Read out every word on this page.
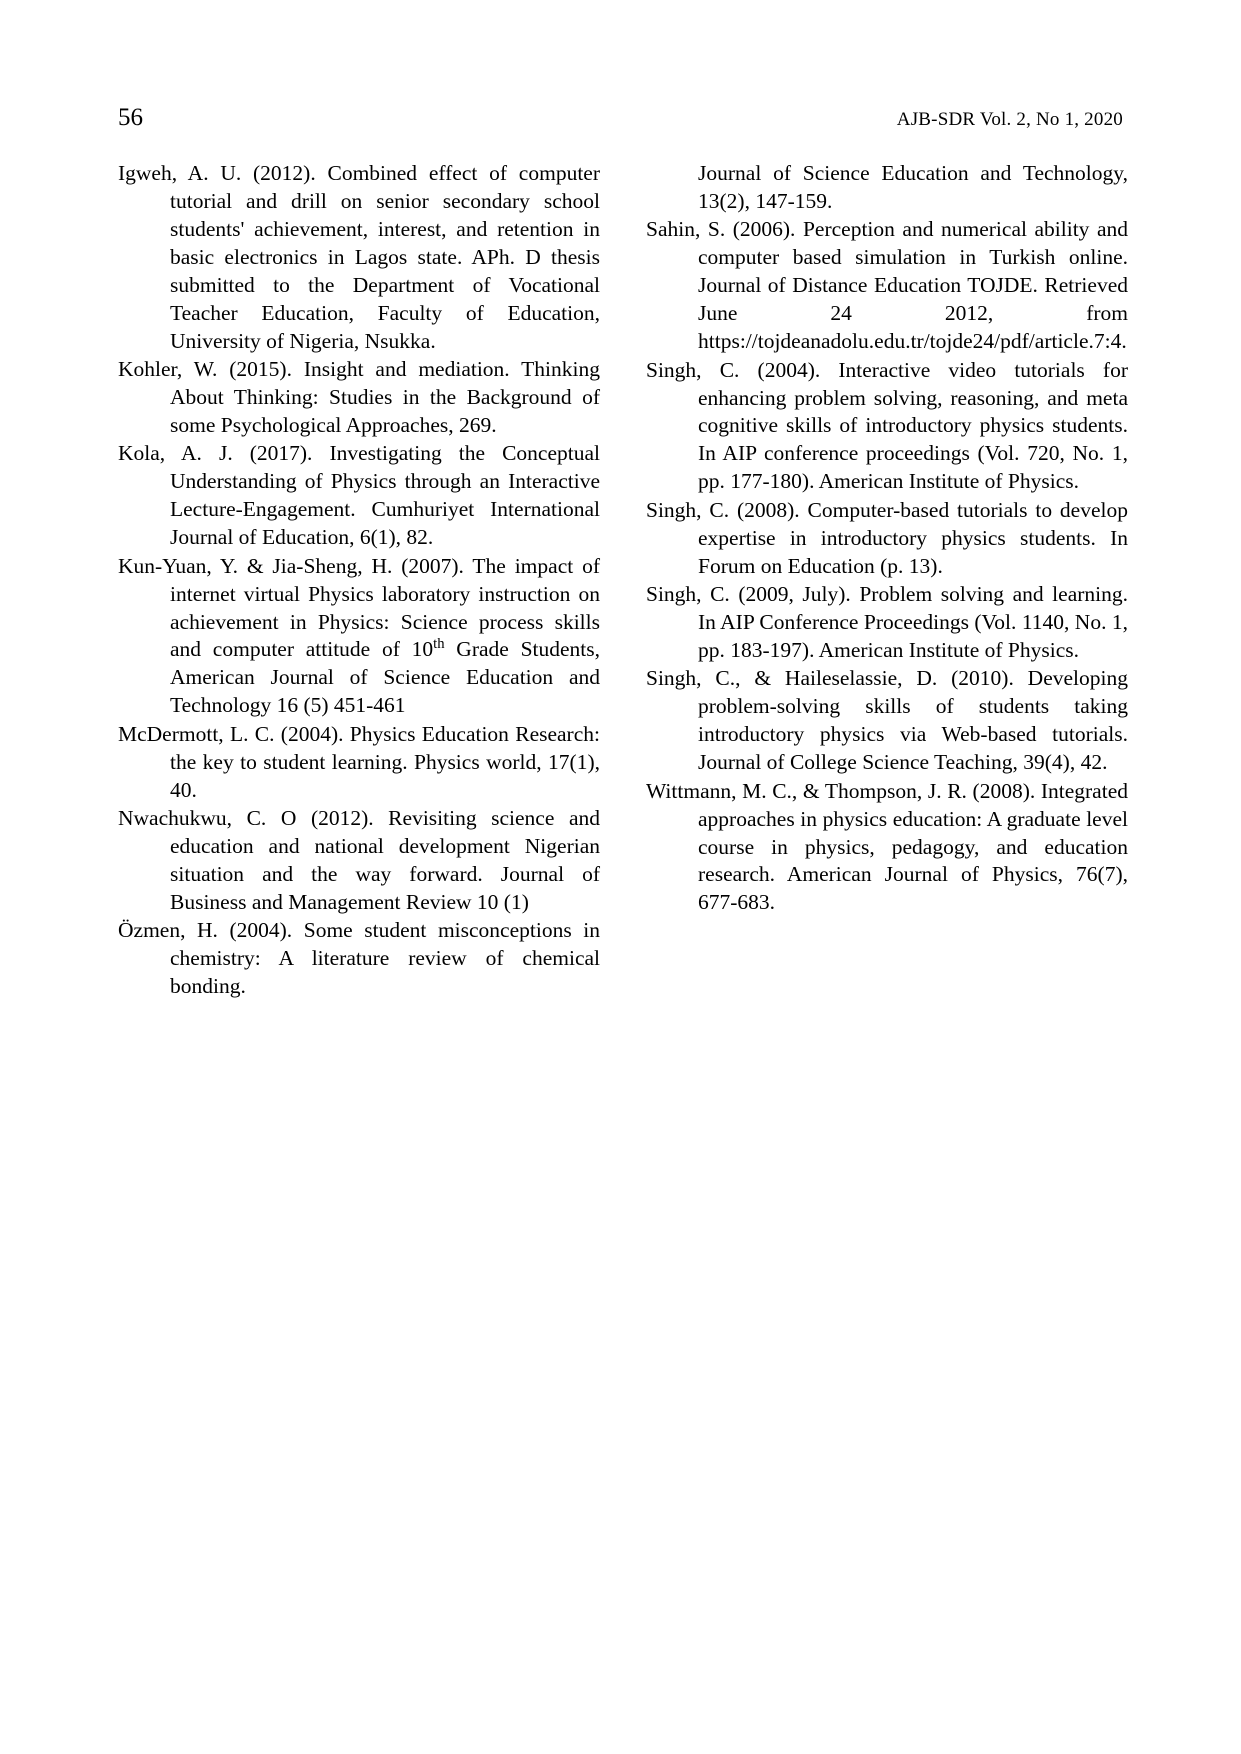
56	AJB-SDR Vol. 2, No 1, 2020

Igweh, A. U. (2012). Combined effect of computer tutorial and drill on senior secondary school students' achievement, interest, and retention in basic electronics in Lagos state. APh. D thesis submitted to the Department of Vocational Teacher Education, Faculty of Education, University of Nigeria, Nsukka.

Kohler, W. (2015). Insight and mediation. Thinking About Thinking: Studies in the Background of some Psychological Approaches, 269.

Kola, A. J. (2017). Investigating the Conceptual Understanding of Physics through an Interactive Lecture-Engagement. Cumhuriyet International Journal of Education, 6(1), 82.

Kun-Yuan, Y. & Jia-Sheng, H. (2007). The impact of internet virtual Physics laboratory instruction on achievement in Physics: Science process skills and computer attitude of 10th Grade Students, American Journal of Science Education and Technology 16 (5) 451-461

McDermott, L. C. (2004). Physics Education Research: the key to student learning. Physics world, 17(1), 40.

Nwachukwu, C. O (2012). Revisiting science and education and national development Nigerian situation and the way forward. Journal of Business and Management Review 10 (1)

Özmen, H. (2004). Some student misconceptions in chemistry: A literature review of chemical bonding.

Journal of Science Education and Technology, 13(2), 147-159.

Sahin, S. (2006). Perception and numerical ability and computer based simulation in Turkish online. Journal of Distance Education TOJDE. Retrieved June 24 2012, from https://tojdeanadolu.edu.tr/tojde24/pdf/article.7:4.

Singh, C. (2004). Interactive video tutorials for enhancing problem solving, reasoning, and meta cognitive skills of introductory physics students. In AIP conference proceedings (Vol. 720, No. 1, pp. 177-180). American Institute of Physics.

Singh, C. (2008). Computer-based tutorials to develop expertise in introductory physics students. In Forum on Education (p. 13).

Singh, C. (2009, July). Problem solving and learning. In AIP Conference Proceedings (Vol. 1140, No. 1, pp. 183-197). American Institute of Physics.

Singh, C., & Haileselassie, D. (2010). Developing problem-solving skills of students taking introductory physics via Web-based tutorials. Journal of College Science Teaching, 39(4), 42.

Wittmann, M. C., & Thompson, J. R. (2008). Integrated approaches in physics education: A graduate level course in physics, pedagogy, and education research. American Journal of Physics, 76(7), 677-683.
